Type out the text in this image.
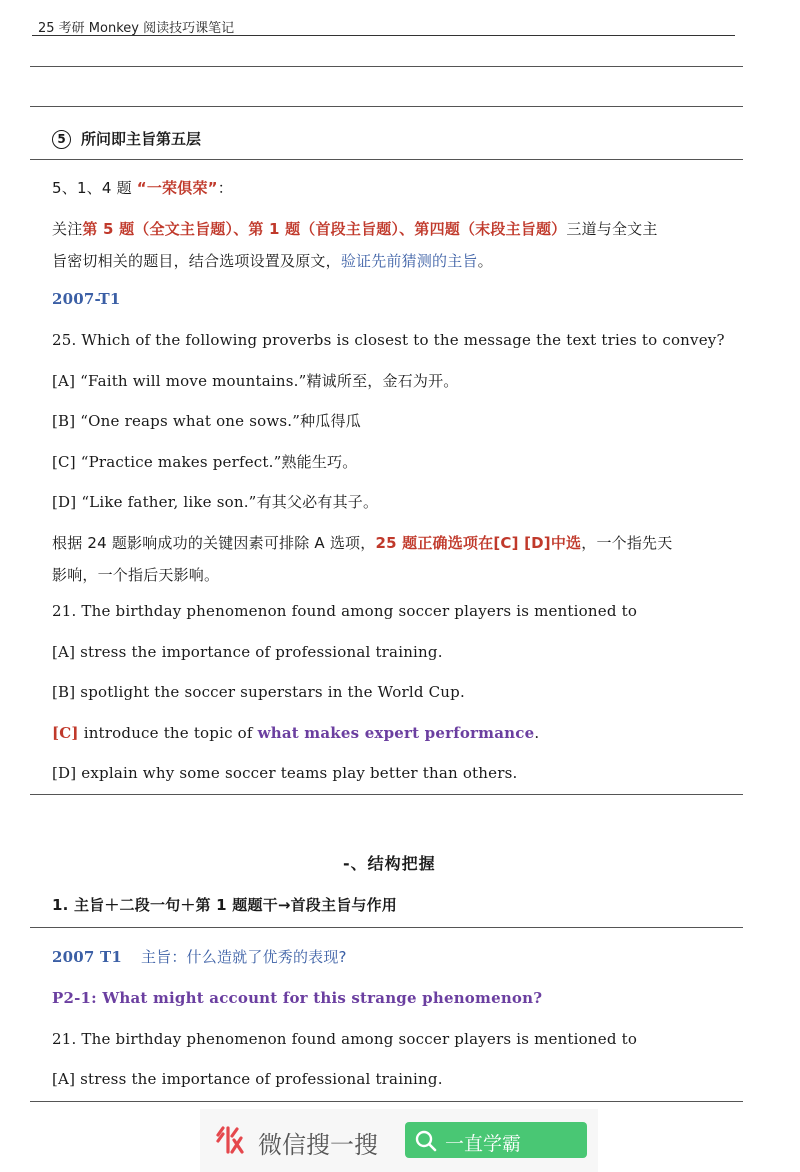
25 考研 Monkey 阅读技巧课笔记
5 所问即主旨第五层
5、1、4 题 “一荣俱荣”：
关注第 5 题（全文主旨题）、第 1 题（首段主旨题）、第四题（末段主旨题）三道与全文主
旨密切相关的题目，结合选项设置及原文，验证先前猜测的主旨。
2007-T1
25. Which of the following proverbs is closest to the message the text tries to convey?
[A] “Faith will move mountains.”精诚所至，金石为开。
[B] “One reaps what one sows.”种瓜得瓜
[C] “Practice makes perfect.”熟能生巧。
[D] “Like father, like son.”有其父必有其子。
根据 24 题影响成功的关键因素可排除 A 选项，25 题正确选项在[C] [D]中选，一个指先天
影响，一个指后天影响。
21. The birthday phenomenon found among soccer players is mentioned to
[A] stress the importance of professional training.
[B] spotlight the soccer superstars in the World Cup.
[C] introduce the topic of what makes expert performance.
[D] explain why some soccer teams play better than others.
-、结构把握
1. 主旨＋二段一句＋第 1 题题干→首段主旨与作用
2007 T1 主旨：什么造就了优秀的表现?
P2-1: What might account for this strange phenomenon?
21. The birthday phenomenon found among soccer players is mentioned to
[A] stress the importance of professional training.
微信搜一搜	一直学霸
